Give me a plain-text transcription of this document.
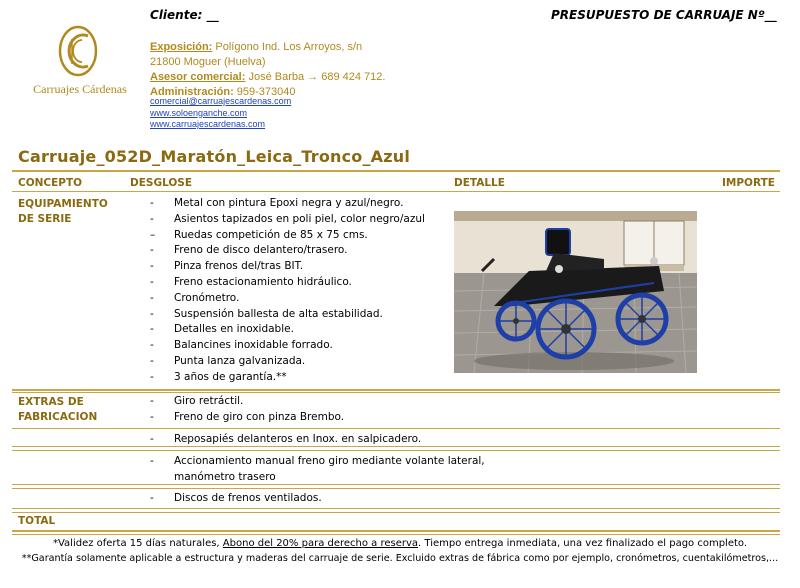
Carruajes Cárdenas
Cliente: __	PRESUPUESTO DE CARRUAJE Nº__
Exposición: Polígono Ind. Los Arroyos, s/n
21800 Moguer (Huelva)
Asesor comercial: José Barba → 689 424 712.
Administración: 959-373040
comercial@carruajescardenas.com
www.soloenganche.com
www.carruajescardenas.com
Carruaje_052D_Maratón_Leica_Tronco_Azul
CONCEPTO	DESGLOSE	DETALLE	IMPORTE
EQUIPAMIENTO
DE SERIE
-	Metal con pintura Epoxi negra y azul/negro.
-	Asientos tapizados en poli piel, color negro/azul
–	Ruedas competición de 85 x 75 cms.
-	Freno de disco delantero/trasero.
-	Pinza frenos del/tras BIT.
-	Freno estacionamiento hidráulico.
-	Cronómetro.
-	Suspensión ballesta de alta estabilidad.
-	Detalles en inoxidable.
-	Balancines inoxidable forrado.
-	Punta lanza galvanizada.
-	3 años de garantía.**
EXTRAS DE
FABRICACION
-	Giro retráctil.
-	Freno de giro con pinza Brembo.
-	Reposapiés delanteros en Inox. en salpicadero.
-	Accionamiento manual freno giro mediante volante lateral,
manómetro trasero
-	Discos de frenos ventilados.
TOTAL
*Validez oferta 15 días naturales, Abono del 20% para derecho a reserva. Tiempo entrega inmediata, una vez finalizado el pago completo.
**Garantía solamente aplicable a estructura y maderas del carruaje de serie. Excluido extras de fábrica como por ejemplo, cronómetros, cuentakilómetros,...
